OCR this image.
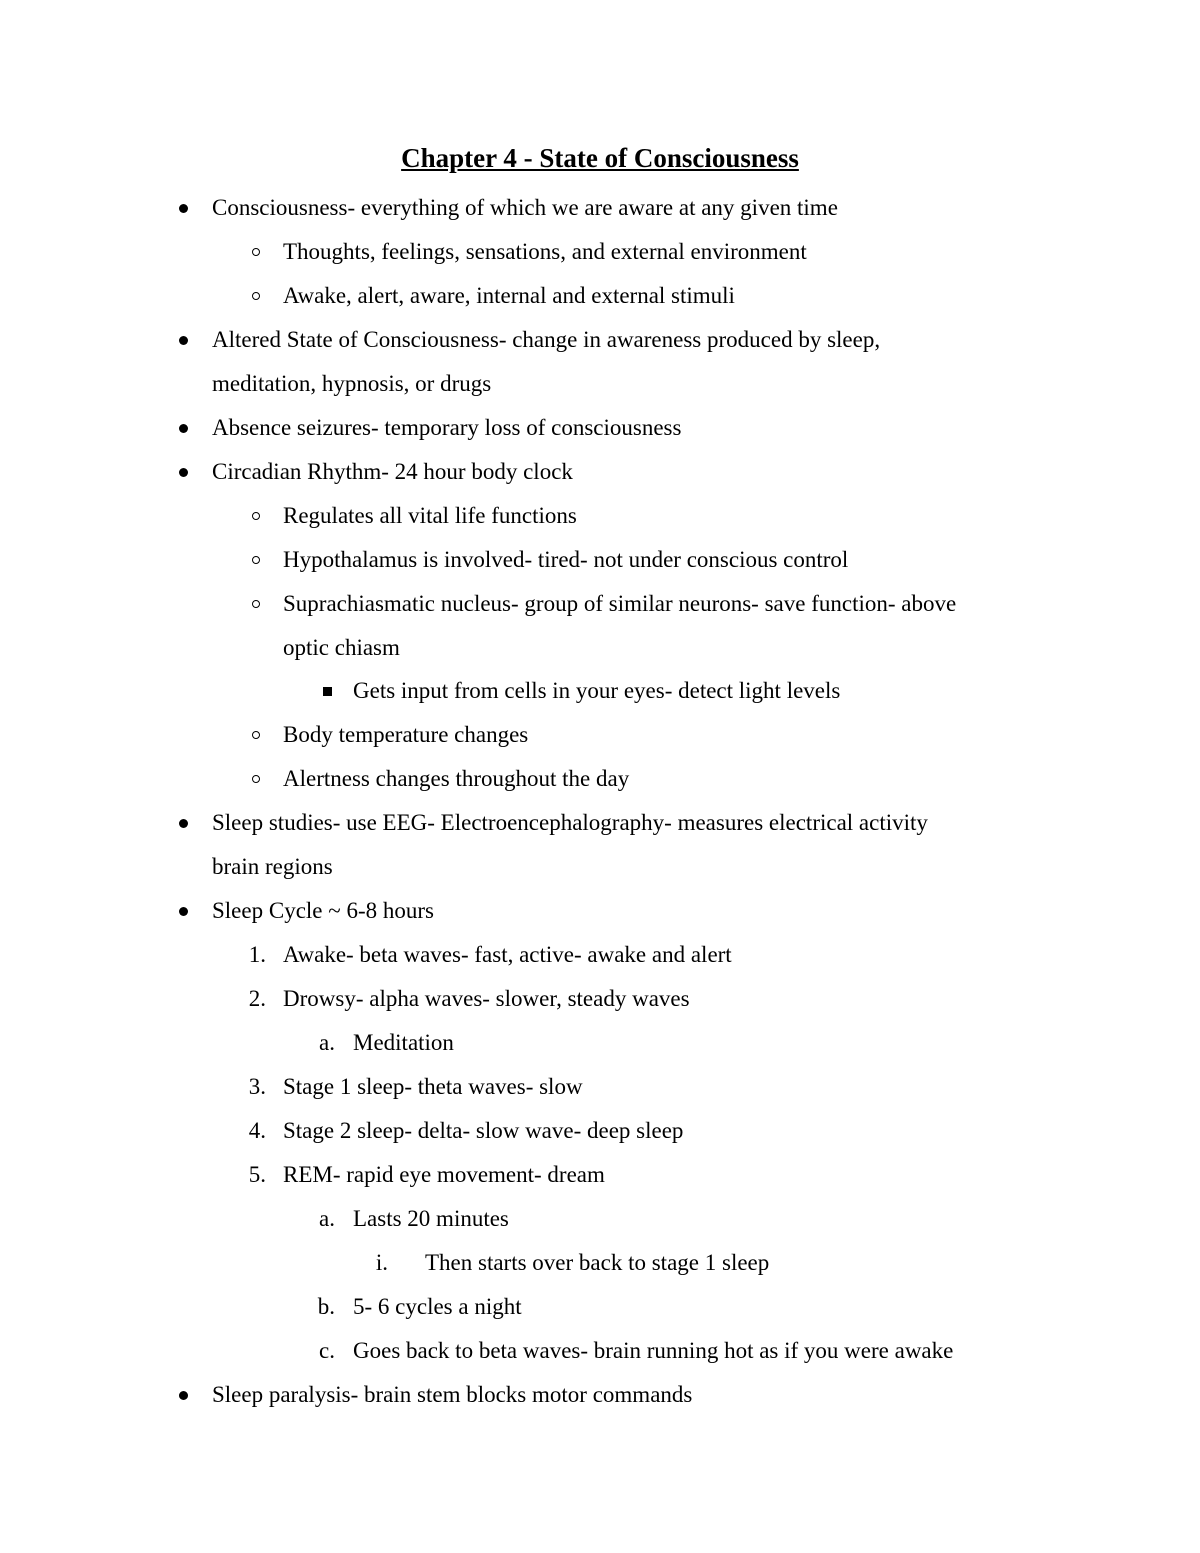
Chapter 4 - State of Consciousness
Consciousness- everything of which we are aware at any given time
Thoughts, feelings, sensations, and external environment
Awake, alert, aware, internal and external stimuli
Altered State of Consciousness- change in awareness produced by sleep,
meditation, hypnosis, or drugs
Absence seizures- temporary loss of consciousness
Circadian Rhythm- 24 hour body clock
Regulates all vital life functions
Hypothalamus is involved- tired- not under conscious control
Suprachiasmatic nucleus- group of similar neurons- save function- above
optic chiasm
Gets input from cells in your eyes- detect light levels
Body temperature changes
Alertness changes throughout the day
Sleep studies- use EEG- Electroencephalography- measures electrical activity
brain regions
Sleep Cycle ~ 6-8 hours
1. Awake- beta waves- fast, active- awake and alert
2. Drowsy- alpha waves- slower, steady waves
a. Meditation
3. Stage 1 sleep- theta waves- slow
4. Stage 2 sleep- delta- slow wave- deep sleep
5. REM- rapid eye movement- dream
a. Lasts 20 minutes
i. Then starts over back to stage 1 sleep
b. 5- 6 cycles a night
c. Goes back to beta waves- brain running hot as if you were awake
Sleep paralysis- brain stem blocks motor commands
